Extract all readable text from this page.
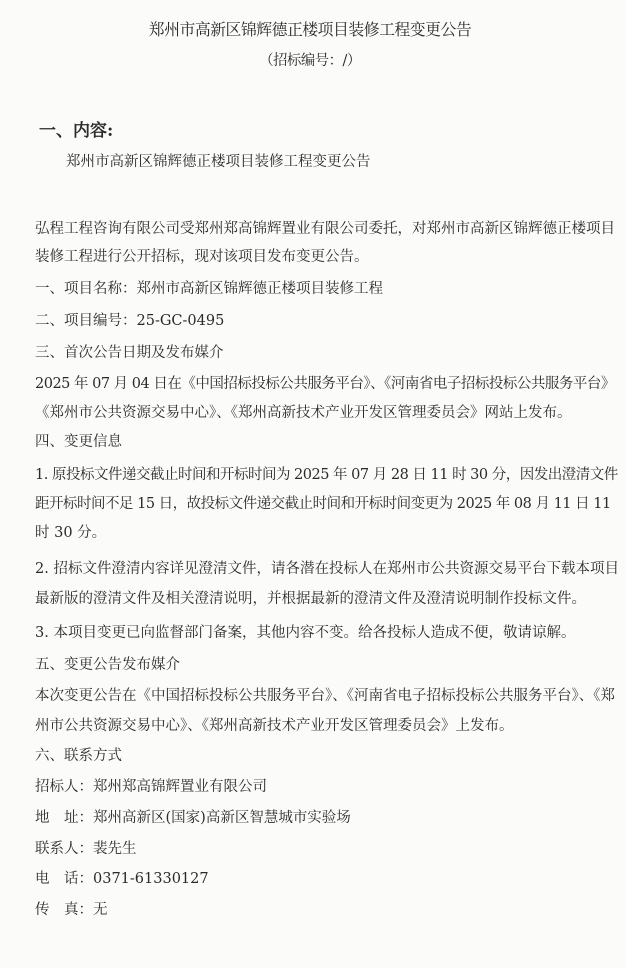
郑州市高新区锦辉德正楼项目装修工程变更公告
（招标编号：/）
一、内容:
郑州市高新区锦辉德正楼项目装修工程变更公告
弘程工程咨询有限公司受郑州郑高锦辉置业有限公司委托，对郑州市高新区锦辉德正楼项目
装修工程进行公开招标，现对该项目发布变更公告。
一、项目名称：郑州市高新区锦辉德正楼项目装修工程
二、项目编号：25-GC-0495
三、首次公告日期及发布媒介
2025 年 07 月 04 日在《中国招标投标公共服务平台》、《河南省电子招标投标公共服务平台》
《郑州市公共资源交易中心》、《郑州高新技术产业开发区管理委员会》网站上发布。
四、变更信息
1. 原投标文件递交截止时间和开标时间为 2025 年 07 月 28 日 11 时 30 分，因发出澄清文件
距开标时间不足 15 日，故投标文件递交截止时间和开标时间变更为 2025 年 08 月 11 日 11
时 30 分。
2. 招标文件澄清内容详见澄清文件，请各潜在投标人在郑州市公共资源交易平台下载本项目
最新版的澄清文件及相关澄清说明，并根据最新的澄清文件及澄清说明制作投标文件。
3. 本项目变更已向监督部门备案，其他内容不变。给各投标人造成不便，敬请谅解。
五、变更公告发布媒介
本次变更公告在《中国招标投标公共服务平台》、《河南省电子招标投标公共服务平台》、《郑
州市公共资源交易中心》、《郑州高新技术产业开发区管理委员会》上发布。
六、联系方式
招标人：郑州郑高锦辉置业有限公司
地　址：郑州高新区(国家)高新区智慧城市实验场
联系人：裴先生
电　话：0371-61330127
传　真：无
